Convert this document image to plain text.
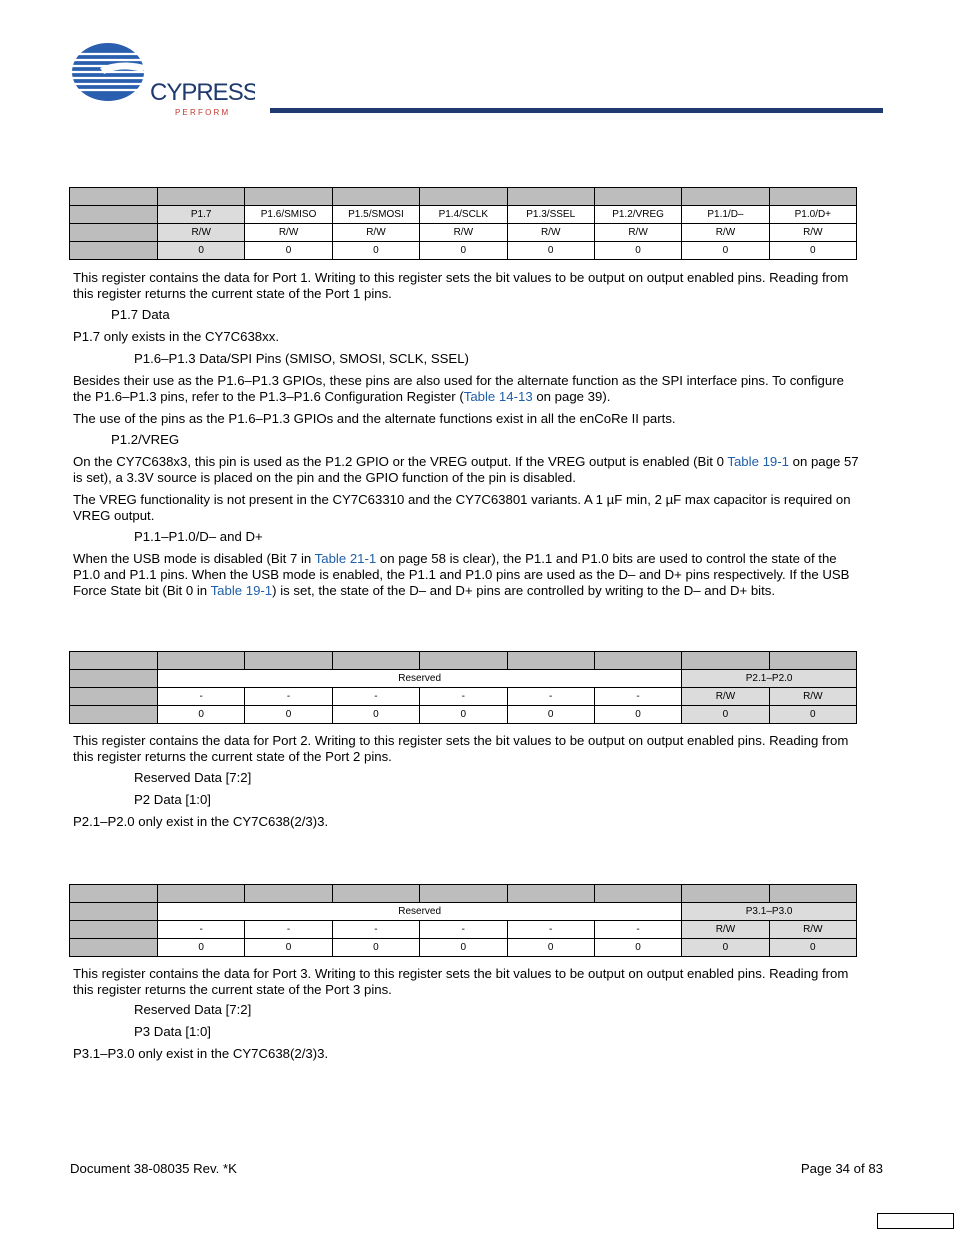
CYPRESS
P E R F O R M

	P1.7	P1.6/SMISO	P1.5/SMOSI	P1.4/SCLK	P1.3/SSEL	P1.2/VREG	P1.1/D–	P1.0/D+
	R/W	R/W	R/W	R/W	R/W	R/W	R/W	R/W
	0	0	0	0	0	0	0	0

This register contains the data for Port 1. Writing to this register sets the bit values to be output on output enabled pins. Reading from this register returns the current state of the Port 1 pins.

P1.7 Data

P1.7 only exists in the CY7C638xx.

P1.6–P1.3 Data/SPI Pins (SMISO, SMOSI, SCLK, SSEL)

Besides their use as the P1.6–P1.3 GPIOs, these pins are also used for the alternate function as the SPI interface pins. To configure the P1.6–P1.3 pins, refer to the P1.3–P1.6 Configuration Register (Table 14-13 on page 39).

The use of the pins as the P1.6–P1.3 GPIOs and the alternate functions exist in all the enCoRe II parts.

P1.2/VREG

On the CY7C638x3, this pin is used as the P1.2 GPIO or the VREG output. If the VREG output is enabled (Bit 0 Table 19-1 on page 57 is set), a 3.3V source is placed on the pin and the GPIO function of the pin is disabled.

The VREG functionality is not present in the CY7C63310 and the CY7C63801 variants. A 1 µF min, 2 µF max capacitor is required on VREG output.

P1.1–P1.0/D– and D+

When the USB mode is disabled (Bit 7 in Table 21-1 on page 58 is clear), the P1.1 and P1.0 bits are used to control the state of the P1.0 and P1.1 pins. When the USB mode is enabled, the P1.1 and P1.0 pins are used as the D– and D+ pins respectively. If the USB Force State bit (Bit 0 in Table 19-1) is set, the state of the D– and D+ pins are controlled by writing to the D– and D+ bits.

	Reserved						P2.1–P2.0	
	-	-	-	-	-	-	R/W	R/W
	0	0	0	0	0	0	0	0

This register contains the data for Port 2. Writing to this register sets the bit values to be output on output enabled pins. Reading from this register returns the current state of the Port 2 pins.

Reserved Data [7:2]

P2 Data [1:0]

P2.1–P2.0 only exist in the CY7C638(2/3)3.

	Reserved						P3.1–P3.0	
	-	-	-	-	-	-	R/W	R/W
	0	0	0	0	0	0	0	0

This register contains the data for Port 3. Writing to this register sets the bit values to be output on output enabled pins. Reading from this register returns the current state of the Port 3 pins.

Reserved Data [7:2]

P3 Data [1:0]

P3.1–P3.0 only exist in the CY7C638(2/3)3.

Document 38-08035 Rev. *K	Page 34 of 83
